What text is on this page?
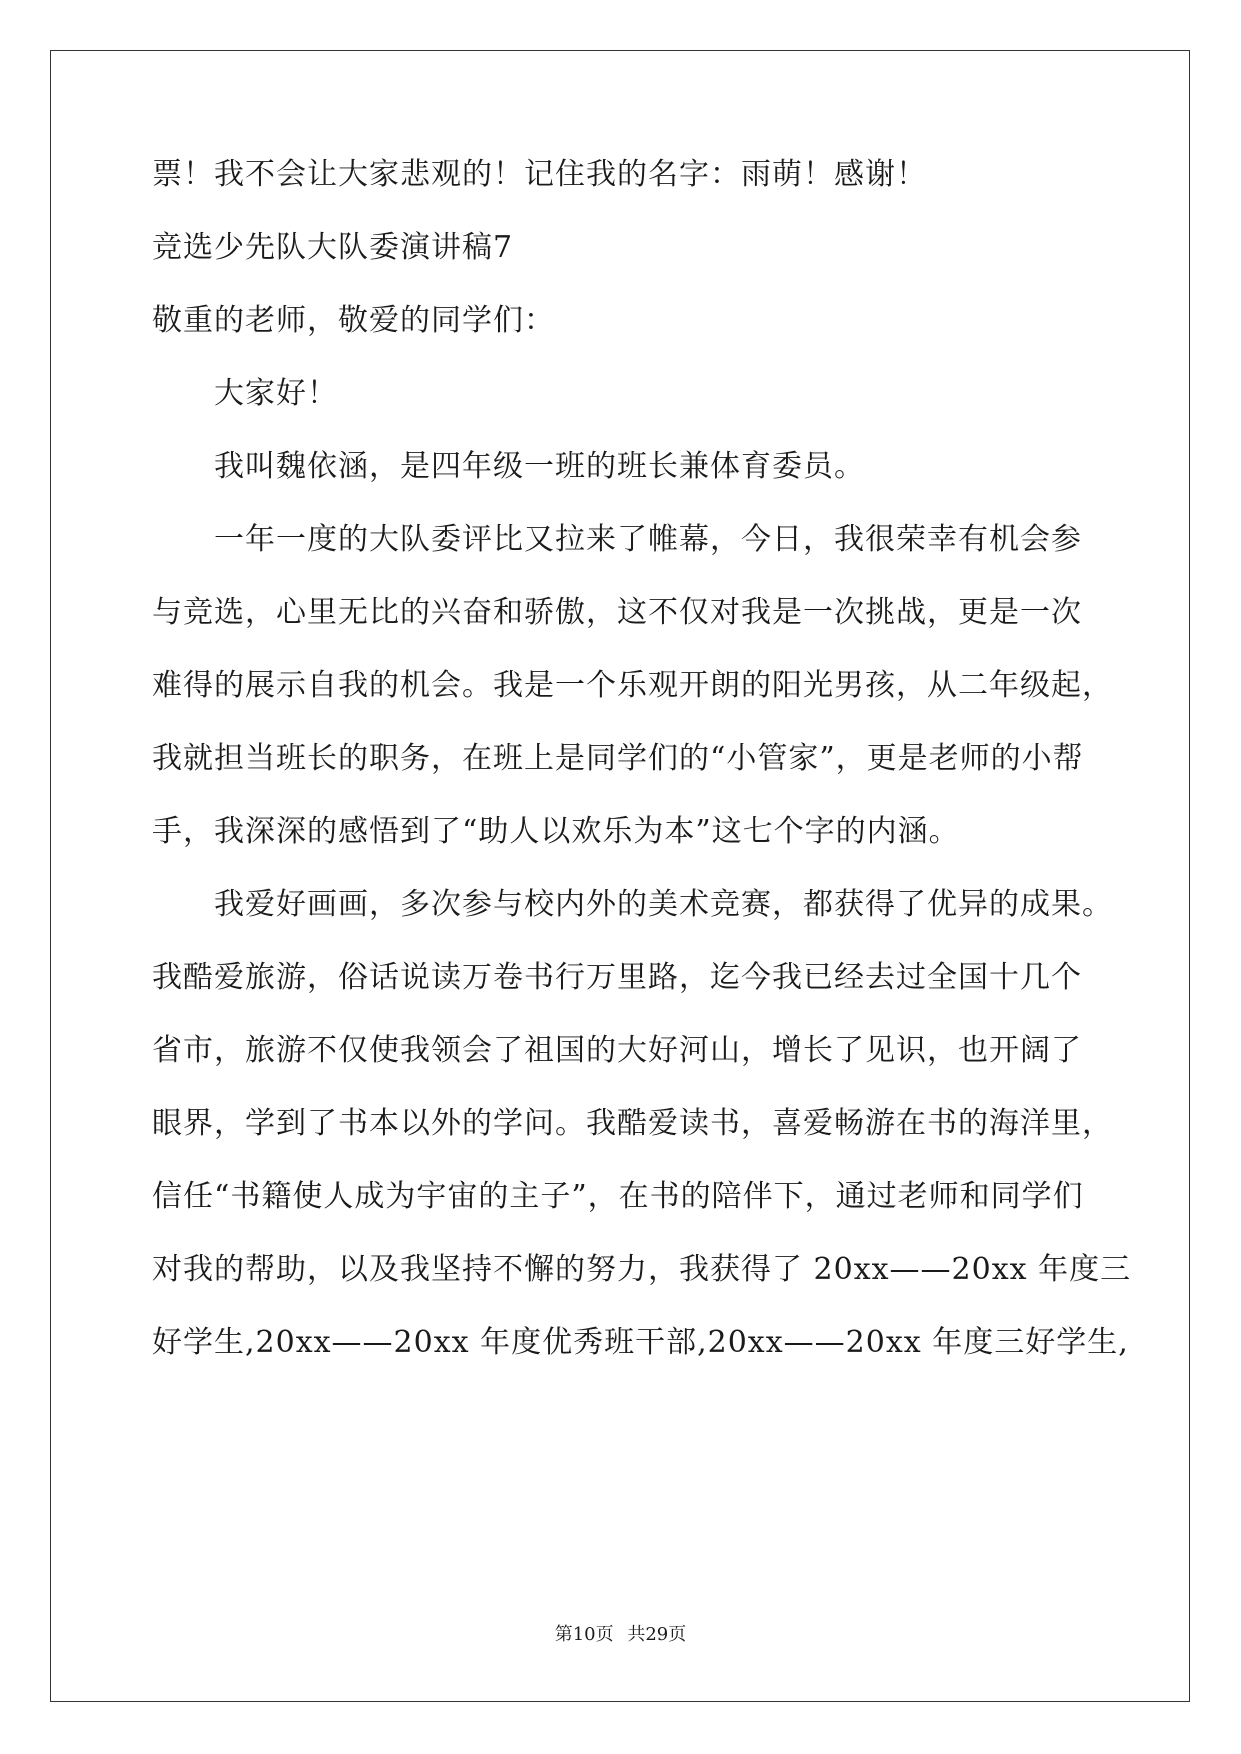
票！我不会让大家悲观的！记住我的名字：雨萌！感谢！
竞选少先队大队委演讲稿7
敬重的老师，敬爱的同学们：
大家好！
我叫魏依涵，是四年级一班的班长兼体育委员。
一年一度的大队委评比又拉来了帷幕，今日，我很荣幸有机会参
与竞选，心里无比的兴奋和骄傲，这不仅对我是一次挑战，更是一次
难得的展示自我的机会。我是一个乐观开朗的阳光男孩，从二年级起，
我就担当班长的职务，在班上是同学们的“小管家”，更是老师的小帮
手，我深深的感悟到了“助人以欢乐为本”这七个字的内涵。
我爱好画画，多次参与校内外的美术竞赛，都获得了优异的成果。
我酷爱旅游，俗话说读万卷书行万里路，迄今我已经去过全国十几个
省市，旅游不仅使我领会了祖国的大好河山，增长了见识，也开阔了
眼界，学到了书本以外的学问。我酷爱读书，喜爱畅游在书的海洋里，
信任“书籍使人成为宇宙的主子”，在书的陪伴下，通过老师和同学们
对我的帮助，以及我坚持不懈的努力，我获得了 20xx——20xx 年度三
好学生,20xx——20xx 年度优秀班干部,20xx——20xx 年度三好学生,
第10页 共29页
